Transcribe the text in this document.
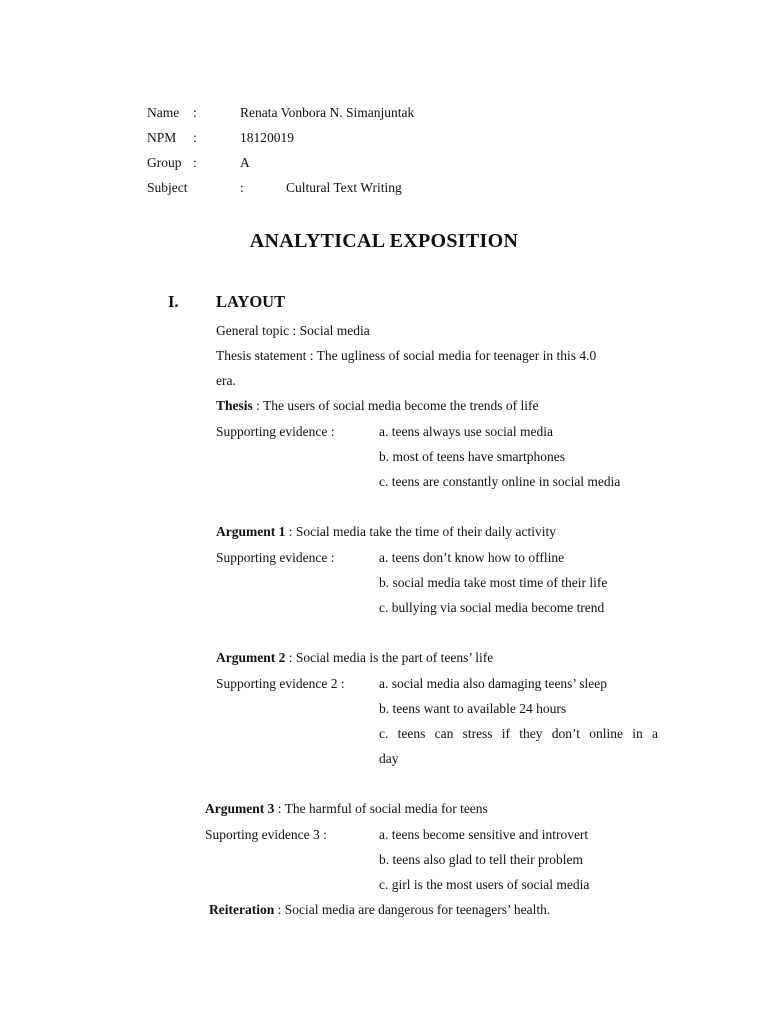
Name :	Renata Vonbora N. Simanjuntak
NPM :	18120019
Group :	A
Subject	:	Cultural Text Writing
ANALYTICAL EXPOSITION
I. LAYOUT
General topic : Social media
Thesis statement : The ugliness of social media for teenager in this 4.0
era.
Thesis : The users of social media become the trends of life
Supporting evidence :	a. teens always use social media
b. most of teens have smartphones
c. teens are constantly online in social media
Argument 1 : Social media take the time of their daily activity
Supporting evidence :	a. teens don’t know how to offline
b. social media take most time of their life
c. bullying via social media become trend
Argument 2 : Social media is the part of teens’ life
Supporting evidence 2 :	a. social media also damaging teens’ sleep
b. teens want to available 24 hours
c. teens can stress if they don’t online in a
day
Argument 3 : The harmful of social media for teens
Suporting evidence 3 :	a. teens become sensitive and introvert
b. teens also glad to tell their problem
c. girl is the most users of social media
Reiteration : Social media are dangerous for teenagers’ health.
